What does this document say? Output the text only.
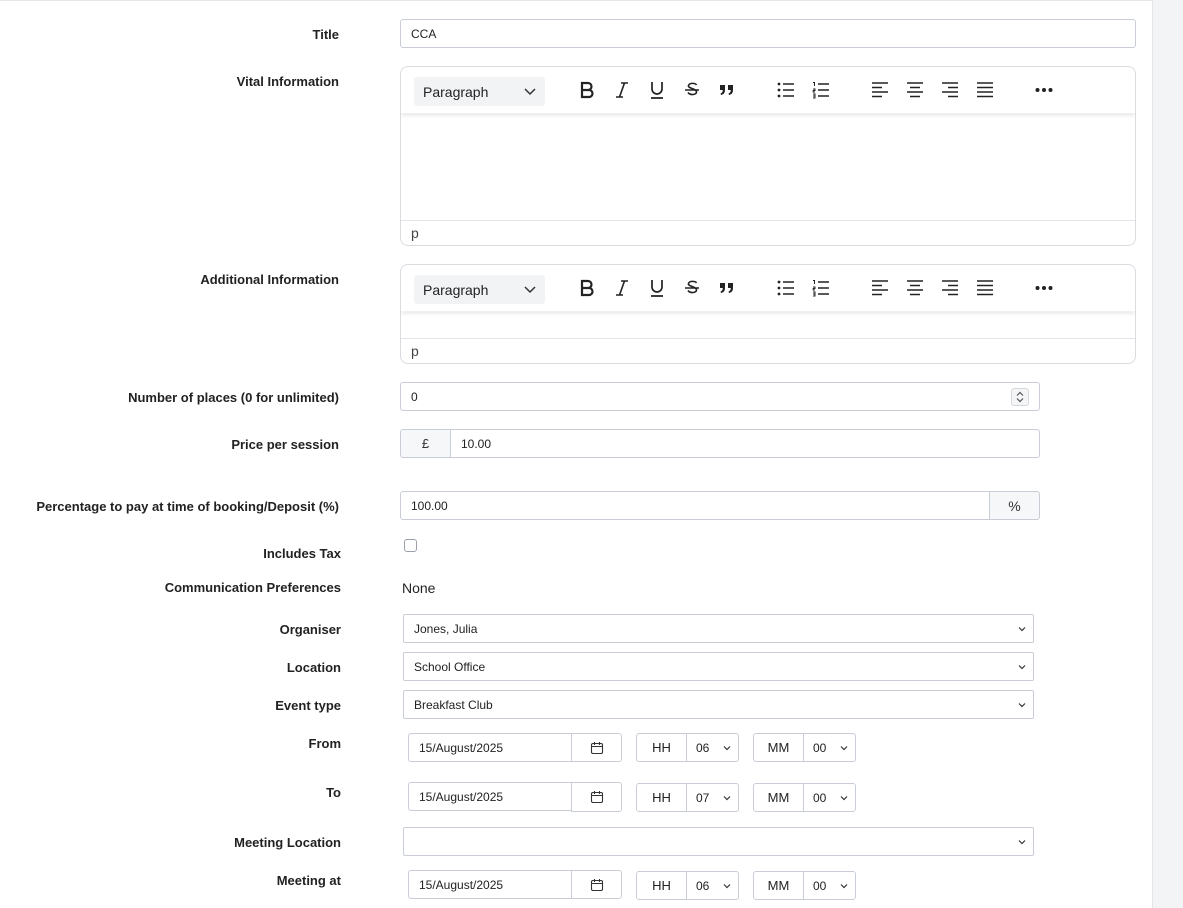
Title	CCA
Vital Information
Paragraph
p
Additional Information
Paragraph
p
Number of places (0 for unlimited)	0
Price per session	£	10.00
Percentage to pay at time of booking/Deposit (%)	100.00	%
Includes Tax
Communication Preferences	None
Organiser	Jones, Julia
Location	School Office
Event type	Breakfast Club
From	15/August/2025	HH	06	MM	00
To	15/August/2025	HH	07	MM	00
Meeting Location
Meeting at	15/August/2025	HH	06	MM	00
